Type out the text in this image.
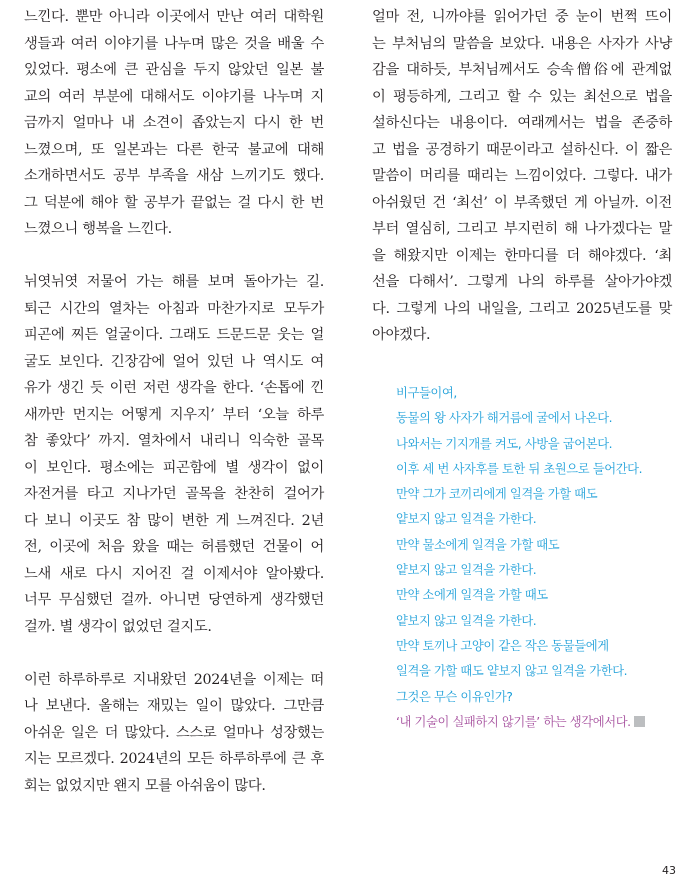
느낀다. 뿐만 아니라 이곳에서 만난 여러 대학원

생들과 여러 이야기를 나누며 많은 것을 배울 수

있었다. 평소에 큰 관심을 두지 않았던 일본 불

교의 여러 부분에 대해서도 이야기를 나누며 지

금까지 얼마나 내 소견이 좁았는지 다시 한 번

느꼈으며, 또 일본과는 다른 한국 불교에 대해

소개하면서도 공부 부족을 새삼 느끼기도 했다.

그 덕분에 해야 할 공부가 끝없는 걸 다시 한 번

느꼈으니 행복을 느낀다.

뉘엿뉘엿 저물어 가는 해를 보며 돌아가는 길.

퇴근 시간의 열차는 아침과 마찬가지로 모두가

피곤에 찌든 얼굴이다. 그래도 드문드문 웃는 얼

굴도 보인다. 긴장감에 얼어 있던 나 역시도 여

유가 생긴 듯 이런 저런 생각을 한다. ‘손톱에 낀

새까만 먼지는 어떻게 지우지’ 부터 ‘오늘 하루

참 좋았다’ 까지. 열차에서 내리니 익숙한 골목

이 보인다. 평소에는 피곤함에 별 생각이 없이

자전거를 타고 지나가던 골목을 찬찬히 걸어가

다 보니 이곳도 참 많이 변한 게 느껴진다. 2년

전, 이곳에 처음 왔을 때는 허름했던 건물이 어

느새 새로 다시 지어진 걸 이제서야 알아봤다.

너무 무심했던 걸까. 아니면 당연하게 생각했던

걸까. 별 생각이 없었던 걸지도.

이런 하루하루로 지내왔던 2024년을 이제는 떠

나 보낸다. 올해는 재밌는 일이 많았다. 그만큼

아쉬운 일은 더 많았다. 스스로 얼마나 성장했는

지는 모르겠다. 2024년의 모든 하루하루에 큰 후

회는 없었지만 왠지 모를 아쉬움이 많다.

얼마 전, 니까야를 읽어가던 중 눈이 번쩍 뜨이

는 부처님의 말씀을 보았다. 내용은 사자가 사냥

감을 대하듯, 부처님께서도 승속僧俗에 관계없

이 평등하게, 그리고 할 수 있는 최선으로 법을

설하신다는 내용이다. 여래께서는 법을 존중하

고 법을 공경하기 때문이라고 설하신다. 이 짧은

말씀이 머리를 때리는 느낌이었다. 그렇다. 내가

아쉬웠던 건 ‘최선’ 이 부족했던 게 아닐까. 이전

부터 열심히, 그리고 부지런히 해 나가겠다는 말

을 해왔지만 이제는 한마디를 더 해야겠다. ‘최

선을 다해서’. 그렇게 나의 하루를 살아가야겠

다. 그렇게 나의 내일을, 그리고 2025년도를 맞

아야겠다.

비구들이여,

동물의 왕 사자가 해거름에 굴에서 나온다.

나와서는 기지개를 켜도, 사방을 굽어본다.

이후 세 번 사자후를 토한 뒤 초원으로 들어간다.

만약 그가 코끼리에게 일격을 가할 때도

얕보지 않고 일격을 가한다.

만약 물소에게 일격을 가할 때도

얕보지 않고 일격을 가한다.

만약 소에게 일격을 가할 때도

얕보지 않고 일격을 가한다.

만약 토끼나 고양이 같은 작은 동물들에게

일격을 가할 때도 얕보지 않고 일격을 가한다.

그것은 무슨 이유인가?

‘내 기술이 실패하지 않기를’ 하는 생각에서다.

43
